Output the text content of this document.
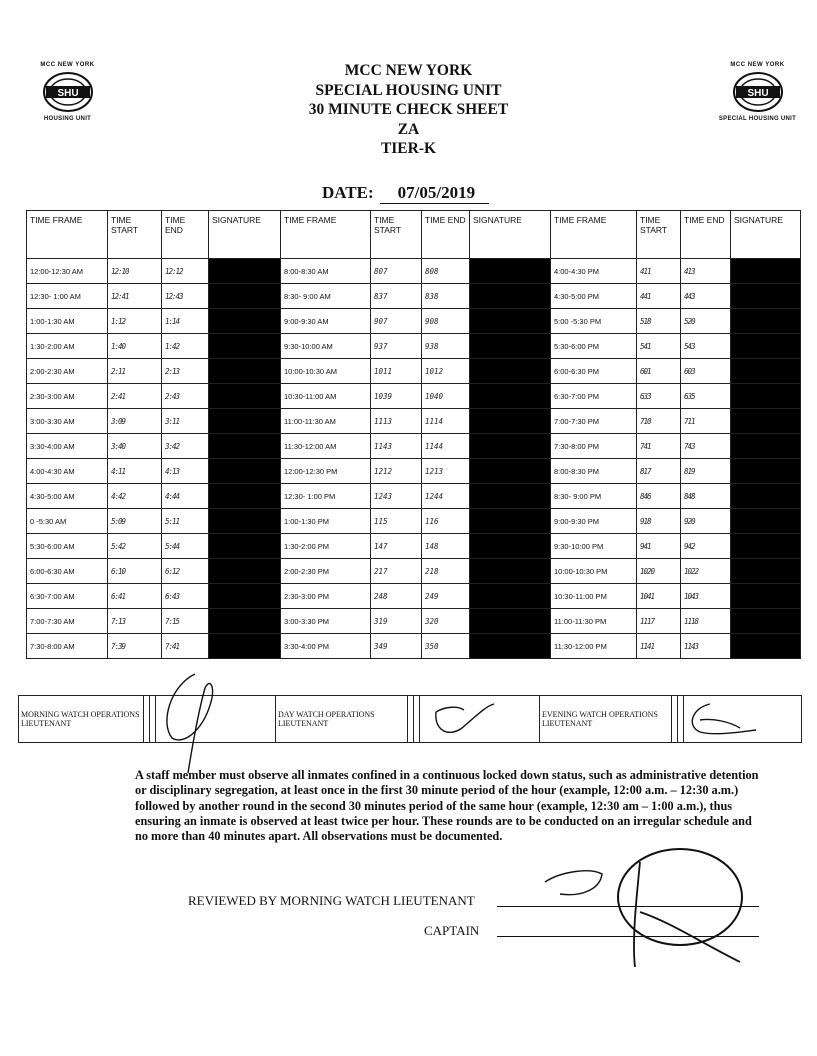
MCC NEW YORK
SHU
HOUSING UNIT
MCC NEW YORK
SHU
SPECIAL HOUSING UNIT
MCC NEW YORK
SPECIAL HOUSING UNIT
30 MINUTE CHECK SHEET
ZA
TIER-K
DATE: 07/05/2019
TIME FRAME	TIME START	TIME END	SIGNATURE	TIME FRAME	TIME START	TIME END	SIGNATURE	TIME FRAME	TIME START	TIME END	SIGNATURE
12:00-12:30 AM	12:10	12:12		8:00-8:30 AM	807	808		4:00-4:30 PM	411	413	
12:30- 1:00 AM	12:41	12:43		8:30- 9:00 AM	837	838		4:30-5:00 PM	441	443	
1:00-1:30 AM	1:12	1:14		9:00-9:30 AM	907	908		5:00 -5:30 PM	518	520	
1:30-2:00 AM	1:40	1:42		9:30-10:00 AM	937	938		5:30-6:00 PM	541	543	
2:00-2:30 AM	2:11	2:13		10:00-10:30 AM	1011	1012		6:00-6:30 PM	601	603	
2:30-3:00 AM	2:41	2:43		10:30-11:00 AM	1039	1040		6:30-7:00 PM	633	635	
3:00-3:30 AM	3:09	3:11		11:00-11:30 AM	1113	1114		7:00-7:30 PM	710	711	
3:30-4:00 AM	3:40	3:42		11:30-12:00 AM	1143	1144		7:30-8:00 PM	741	743	
4:00-4:30 AM	4:11	4:13		12:00-12:30 PM	1212	1213		8:00-8:30 PM	817	819	
4:30-5:00 AM	4:42	4:44		12:30- 1:00 PM	1243	1244		8:30- 9:00 PM	846	848	
0 -5:30 AM	5:09	5:11		1:00-1:30 PM	115	116		9:00-9:30 PM	918	920	
5:30-6:00 AM	5:42	5:44		1:30-2:00 PM	147	148		9:30-10:00 PM	941	942	
6:00-6:30 AM	6:10	6:12		2:00-2:30 PM	217	218		10:00-10:30 PM	1020	1022	
6:30-7:00 AM	6:41	6:43		2:30-3:00 PM	248	249		10:30-11:00 PM	1041	1043	
7:00-7:30 AM	7:13	7:15		3:00-3:30 PM	319	320		11:00-11:30 PM	1117	1118	
7:30-8:00 AM	7:39	7:41		3:30-4:00 PM	349	350		11:30-12:00 PM	1141	1143	
MORNING WATCH OPERATIONS LIEUTENANT				DAY WATCH OPERATIONS LIEUTENANT				EVENING WATCH OPERATIONS LIEUTENANT			
A staff member must observe all inmates confined in a continuous locked down status, such as administrative detention or disciplinary segregation, at least once in the first 30 minute period of the hour (example, 12:00 a.m. – 12:30 a.m.) followed by another round in the second 30 minutes period of the same hour (example, 12:30 am – 1:00 a.m.), thus ensuring an inmate is observed at least twice per hour. These rounds are to be conducted on an irregular schedule and no more than 40 minutes apart. All observations must be documented.
REVIEWED BY MORNING WATCH LIEUTENANT
CAPTAIN
